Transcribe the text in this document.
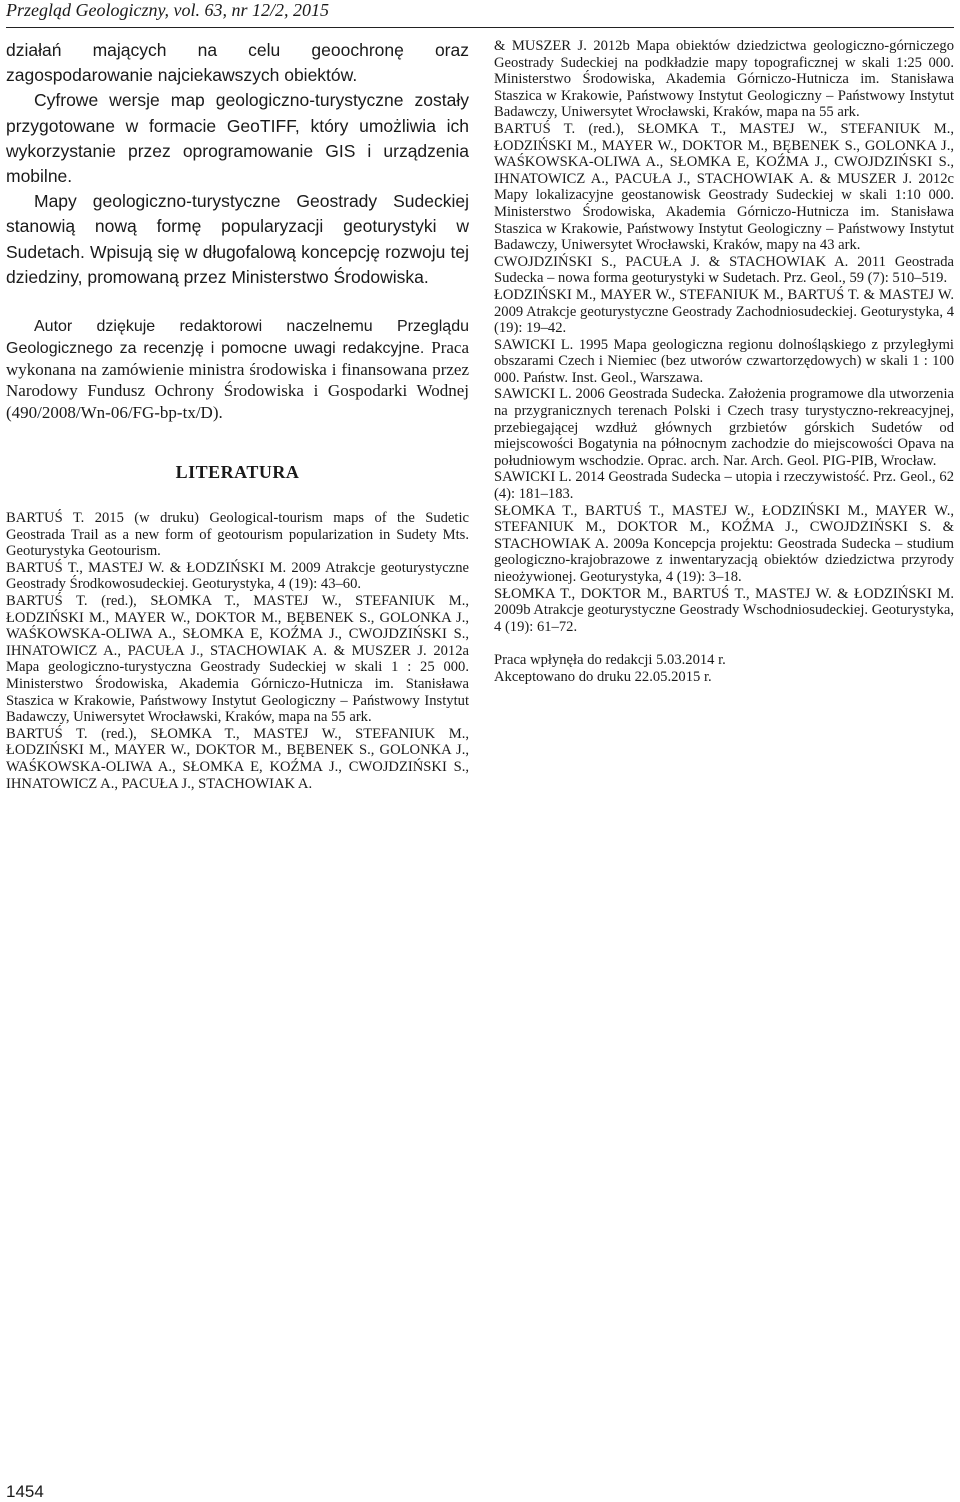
Przegląd Geologiczny, vol. 63, nr 12/2, 2015

działań mających na celu geoochronę oraz zagospodarowanie najciekawszych obiektów.

Cyfrowe wersje map geologiczno-turystyczne zostały przygotowane w formacie GeoTIFF, który umożliwia ich wykorzystanie przez oprogramowanie GIS i urządzenia mobilne.

Mapy geologiczno-turystyczne Geostrady Sudeckiej stanowią nową formę popularyzacji geoturystyki w Sudetach. Wpisują się w długofalową koncepcję rozwoju tej dziedziny, promowaną przez Ministerstwo Środowiska.

Autor dziękuje redaktorowi naczelnemu Przeglądu Geologicznego za recenzję i pomocne uwagi redakcyjne. Praca wykonana na zamówienie ministra środowiska i finansowana przez Narodowy Fundusz Ochrony Środowiska i Gospodarki Wodnej (490/2008/Wn-06/FG-bp-tx/D).

LITERATURA

BARTUŚ T. 2015 (w druku) Geological-tourism maps of the Sudetic Geostrada Trail as a new form of geotourism popularization in Sudety Mts. Geoturystyka Geotourism.

BARTUŚ T., MASTEJ W. & ŁODZIŃSKI M. 2009 Atrakcje geoturystyczne Geostrady Środkowosudeckiej. Geoturystyka, 4 (19): 43–60.

BARTUŚ T. (red.), SŁOMKA T., MASTEJ W., STEFANIUK M., ŁODZIŃSKI M., MAYER W., DOKTOR M., BĘBENEK S., GOLONKA J., WAŚKOWSKA-OLIWA A., SŁOMKA E, KOŹMA J., CWOJDZIŃSKI S., IHNATOWICZ A., PACUŁA J., STACHOWIAK A. & MUSZER J. 2012a Mapa geologiczno-turystyczna Geostrady Sudeckiej w skali 1 : 25 000. Ministerstwo Środowiska, Akademia Górniczo-Hutnicza im. Stanisława Staszica w Krakowie, Państwowy Instytut Geologiczny – Państwowy Instytut Badawczy, Uniwersytet Wrocławski, Kraków, mapa na 55 ark.

BARTUŚ T. (red.), SŁOMKA T., MASTEJ W., STEFANIUK M., ŁODZIŃSKI M., MAYER W., DOKTOR M., BĘBENEK S., GOLONKA J., WAŚKOWSKA-OLIWA A., SŁOMKA E, KOŹMA J., CWOJDZIŃSKI S., IHNATOWICZ A., PACUŁA J., STACHOWIAK A.

& MUSZER J. 2012b Mapa obiektów dziedzictwa geologiczno-górniczego Geostrady Sudeckiej na podkładzie mapy topograficznej w skali 1:25 000. Ministerstwo Środowiska, Akademia Górniczo-Hutnicza im. Stanisława Staszica w Krakowie, Państwowy Instytut Geologiczny – Państwowy Instytut Badawczy, Uniwersytet Wrocławski, Kraków, mapa na 55 ark.

BARTUŚ T. (red.), SŁOMKA T., MASTEJ W., STEFANIUK M., ŁODZIŃSKI M., MAYER W., DOKTOR M., BĘBENEK S., GOLONKA J., WAŚKOWSKA-OLIWA A., SŁOMKA E, KOŹMA J., CWOJDZIŃSKI S., IHNATOWICZ A., PACUŁA J., STACHOWIAK A. & MUSZER J. 2012c Mapy lokalizacyjne geostanowisk Geostrady Sudeckiej w skali 1:10 000. Ministerstwo Środowiska, Akademia Górniczo-Hutnicza im. Stanisława Staszica w Krakowie, Państwowy Instytut Geologiczny – Państwowy Instytut Badawczy, Uniwersytet Wrocławski, Kraków, mapy na 43 ark.

CWOJDZIŃSKI S., PACUŁA J. & STACHOWIAK A. 2011 Geostrada Sudecka – nowa forma geoturystyki w Sudetach. Prz. Geol., 59 (7): 510–519.

ŁODZIŃSKI M., MAYER W., STEFANIUK M., BARTUŚ T. & MASTEJ W. 2009 Atrakcje geoturystyczne Geostrady Zachodniosudeckiej. Geoturystyka, 4 (19): 19–42.

SAWICKI L. 1995 Mapa geologiczna regionu dolnośląskiego z przyległymi obszarami Czech i Niemiec (bez utworów czwartorzędowych) w skali 1 : 100 000. Państw. Inst. Geol., Warszawa.

SAWICKI L. 2006 Geostrada Sudecka. Założenia programowe dla utworzenia na przygranicznych terenach Polski i Czech trasy turystyczno-rekreacyjnej, przebiegającej wzdłuż głównych grzbietów górskich Sudetów od miejscowości Bogatynia na północnym zachodzie do miejscowości Opava na południowym wschodzie. Oprac. arch. Nar. Arch. Geol. PIG-PIB, Wrocław.

SAWICKI L. 2014 Geostrada Sudecka – utopia i rzeczywistość. Prz. Geol., 62 (4): 181–183.

SŁOMKA T., BARTUŚ T., MASTEJ W., ŁODZIŃSKI M., MAYER W., STEFANIUK M., DOKTOR M., KOŹMA J., CWOJDZIŃSKI S. & STACHOWIAK A. 2009a Koncepcja projektu: Geostrada Sudecka – studium geologiczno-krajobrazowe z inwentaryzacją obiektów dziedzictwa przyrody nieożywionej. Geoturystyka, 4 (19): 3–18.

SŁOMKA T., DOKTOR M., BARTUŚ T., MASTEJ W. & ŁODZIŃSKI M. 2009b Atrakcje geoturystyczne Geostrady Wschodniosudeckiej. Geoturystyka, 4 (19): 61–72.

Praca wpłynęła do redakcji 5.03.2014 r.

Akceptowano do druku 22.05.2015 r.

1454
